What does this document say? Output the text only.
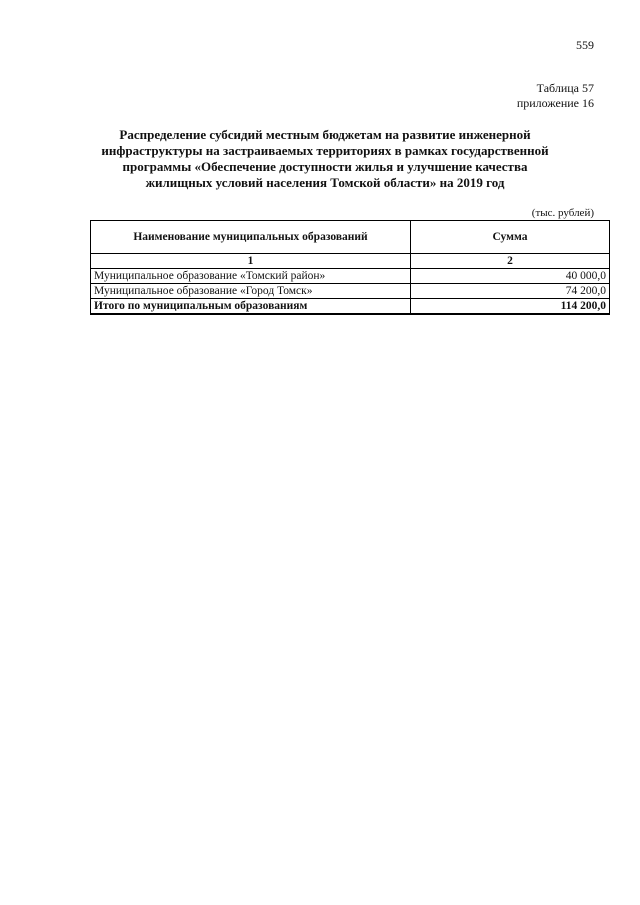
559
Таблица 57
приложение 16
Распределение субсидий местным бюджетам на развитие инженерной
инфраструктуры на застраиваемых территориях в рамках государственной
программы «Обеспечение доступности жилья и улучшение качества
жилищных условий населения Томской области» на 2019 год
(тыс. рублей)
Наименование муниципальных образований	Сумма
1	2
Муниципальное образование «Томский район»	40 000,0
Муниципальное образование «Город Томск»	74 200,0
Итого по муниципальным образованиям	114 200,0
